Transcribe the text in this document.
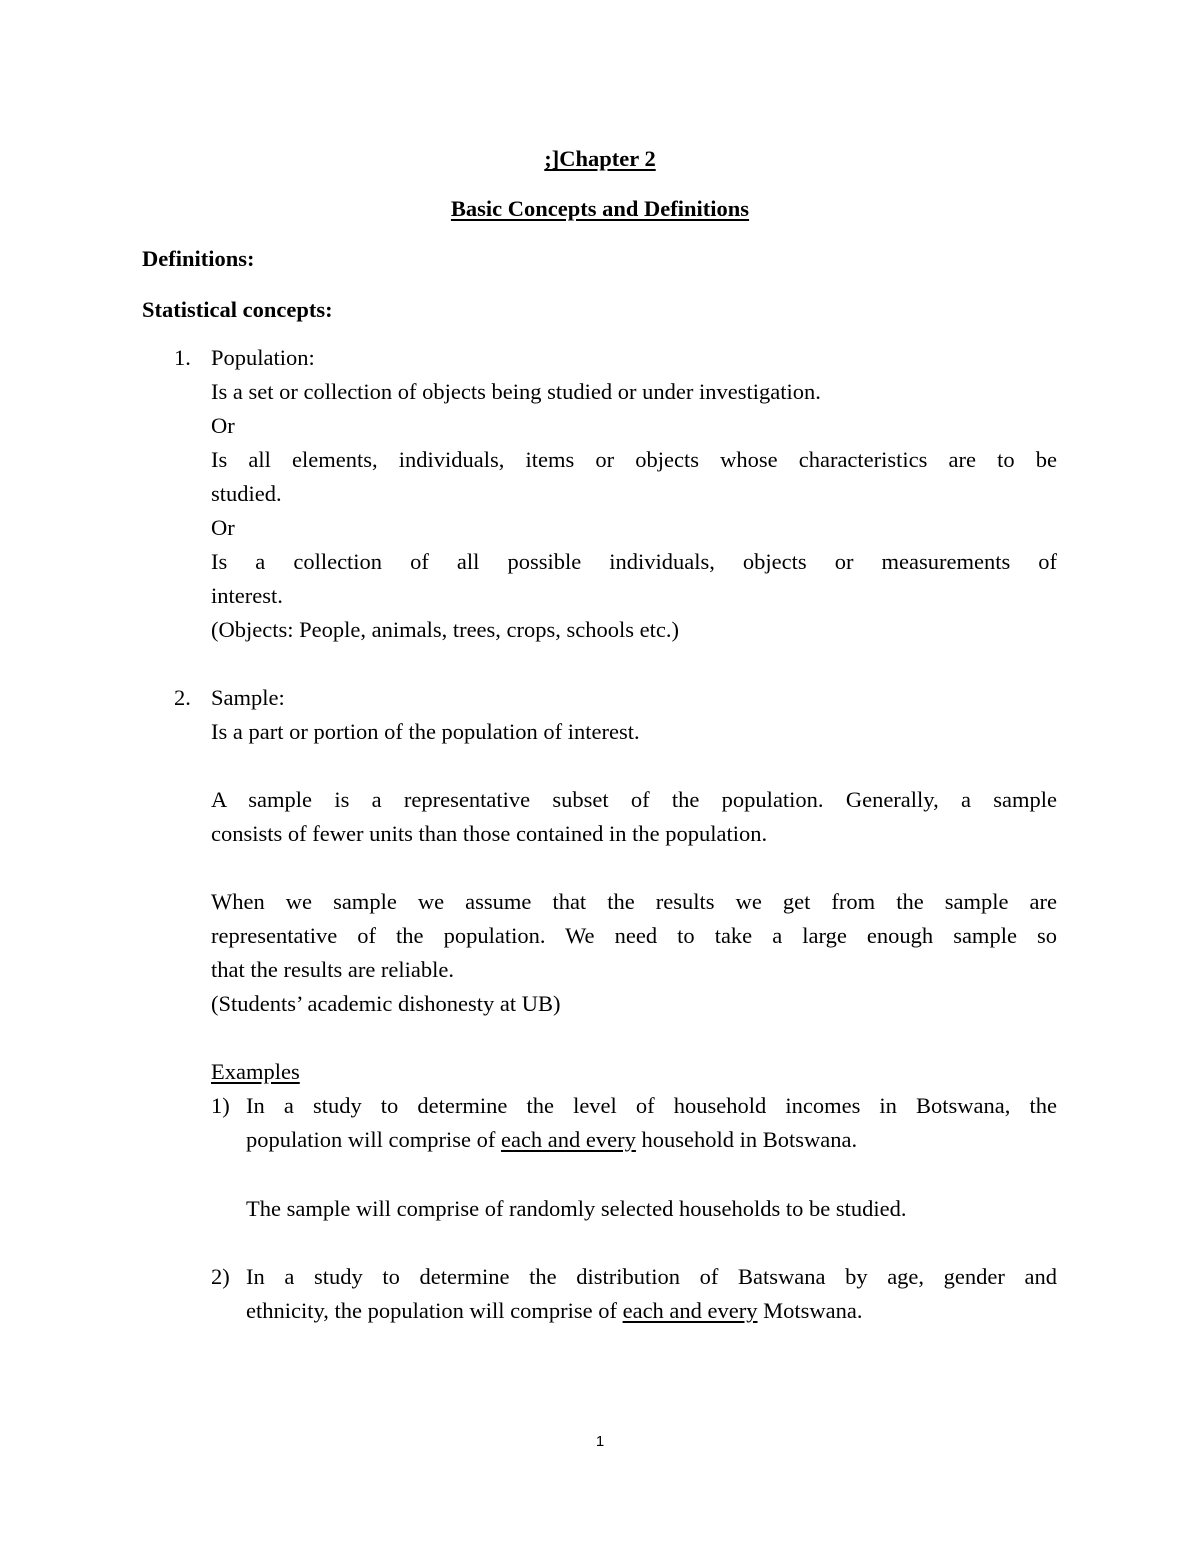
;]Chapter 2
Basic Concepts and Definitions
Definitions:
Statistical concepts:
1. Population:
Is a set or collection of objects being studied or under investigation.
Or
Is all elements, individuals, items or objects whose characteristics are to be
studied.
Or
Is a collection of all possible individuals, objects or measurements of
interest.
(Objects: People, animals, trees, crops, schools etc.)
2. Sample:
Is a part or portion of the population of interest.
A sample is a representative subset of the population. Generally, a sample
consists of fewer units than those contained in the population.
When we sample we assume that the results we get from the sample are
representative of the population. We need to take a large enough sample so
that the results are reliable.
(Students’ academic dishonesty at UB)
Examples
1) In a study to determine the level of household incomes in Botswana, the
population will comprise of each and every household in Botswana.
The sample will comprise of randomly selected households to be studied.
2) In a study to determine the distribution of Batswana by age, gender and
ethnicity, the population will comprise of each and every Motswana.
1
